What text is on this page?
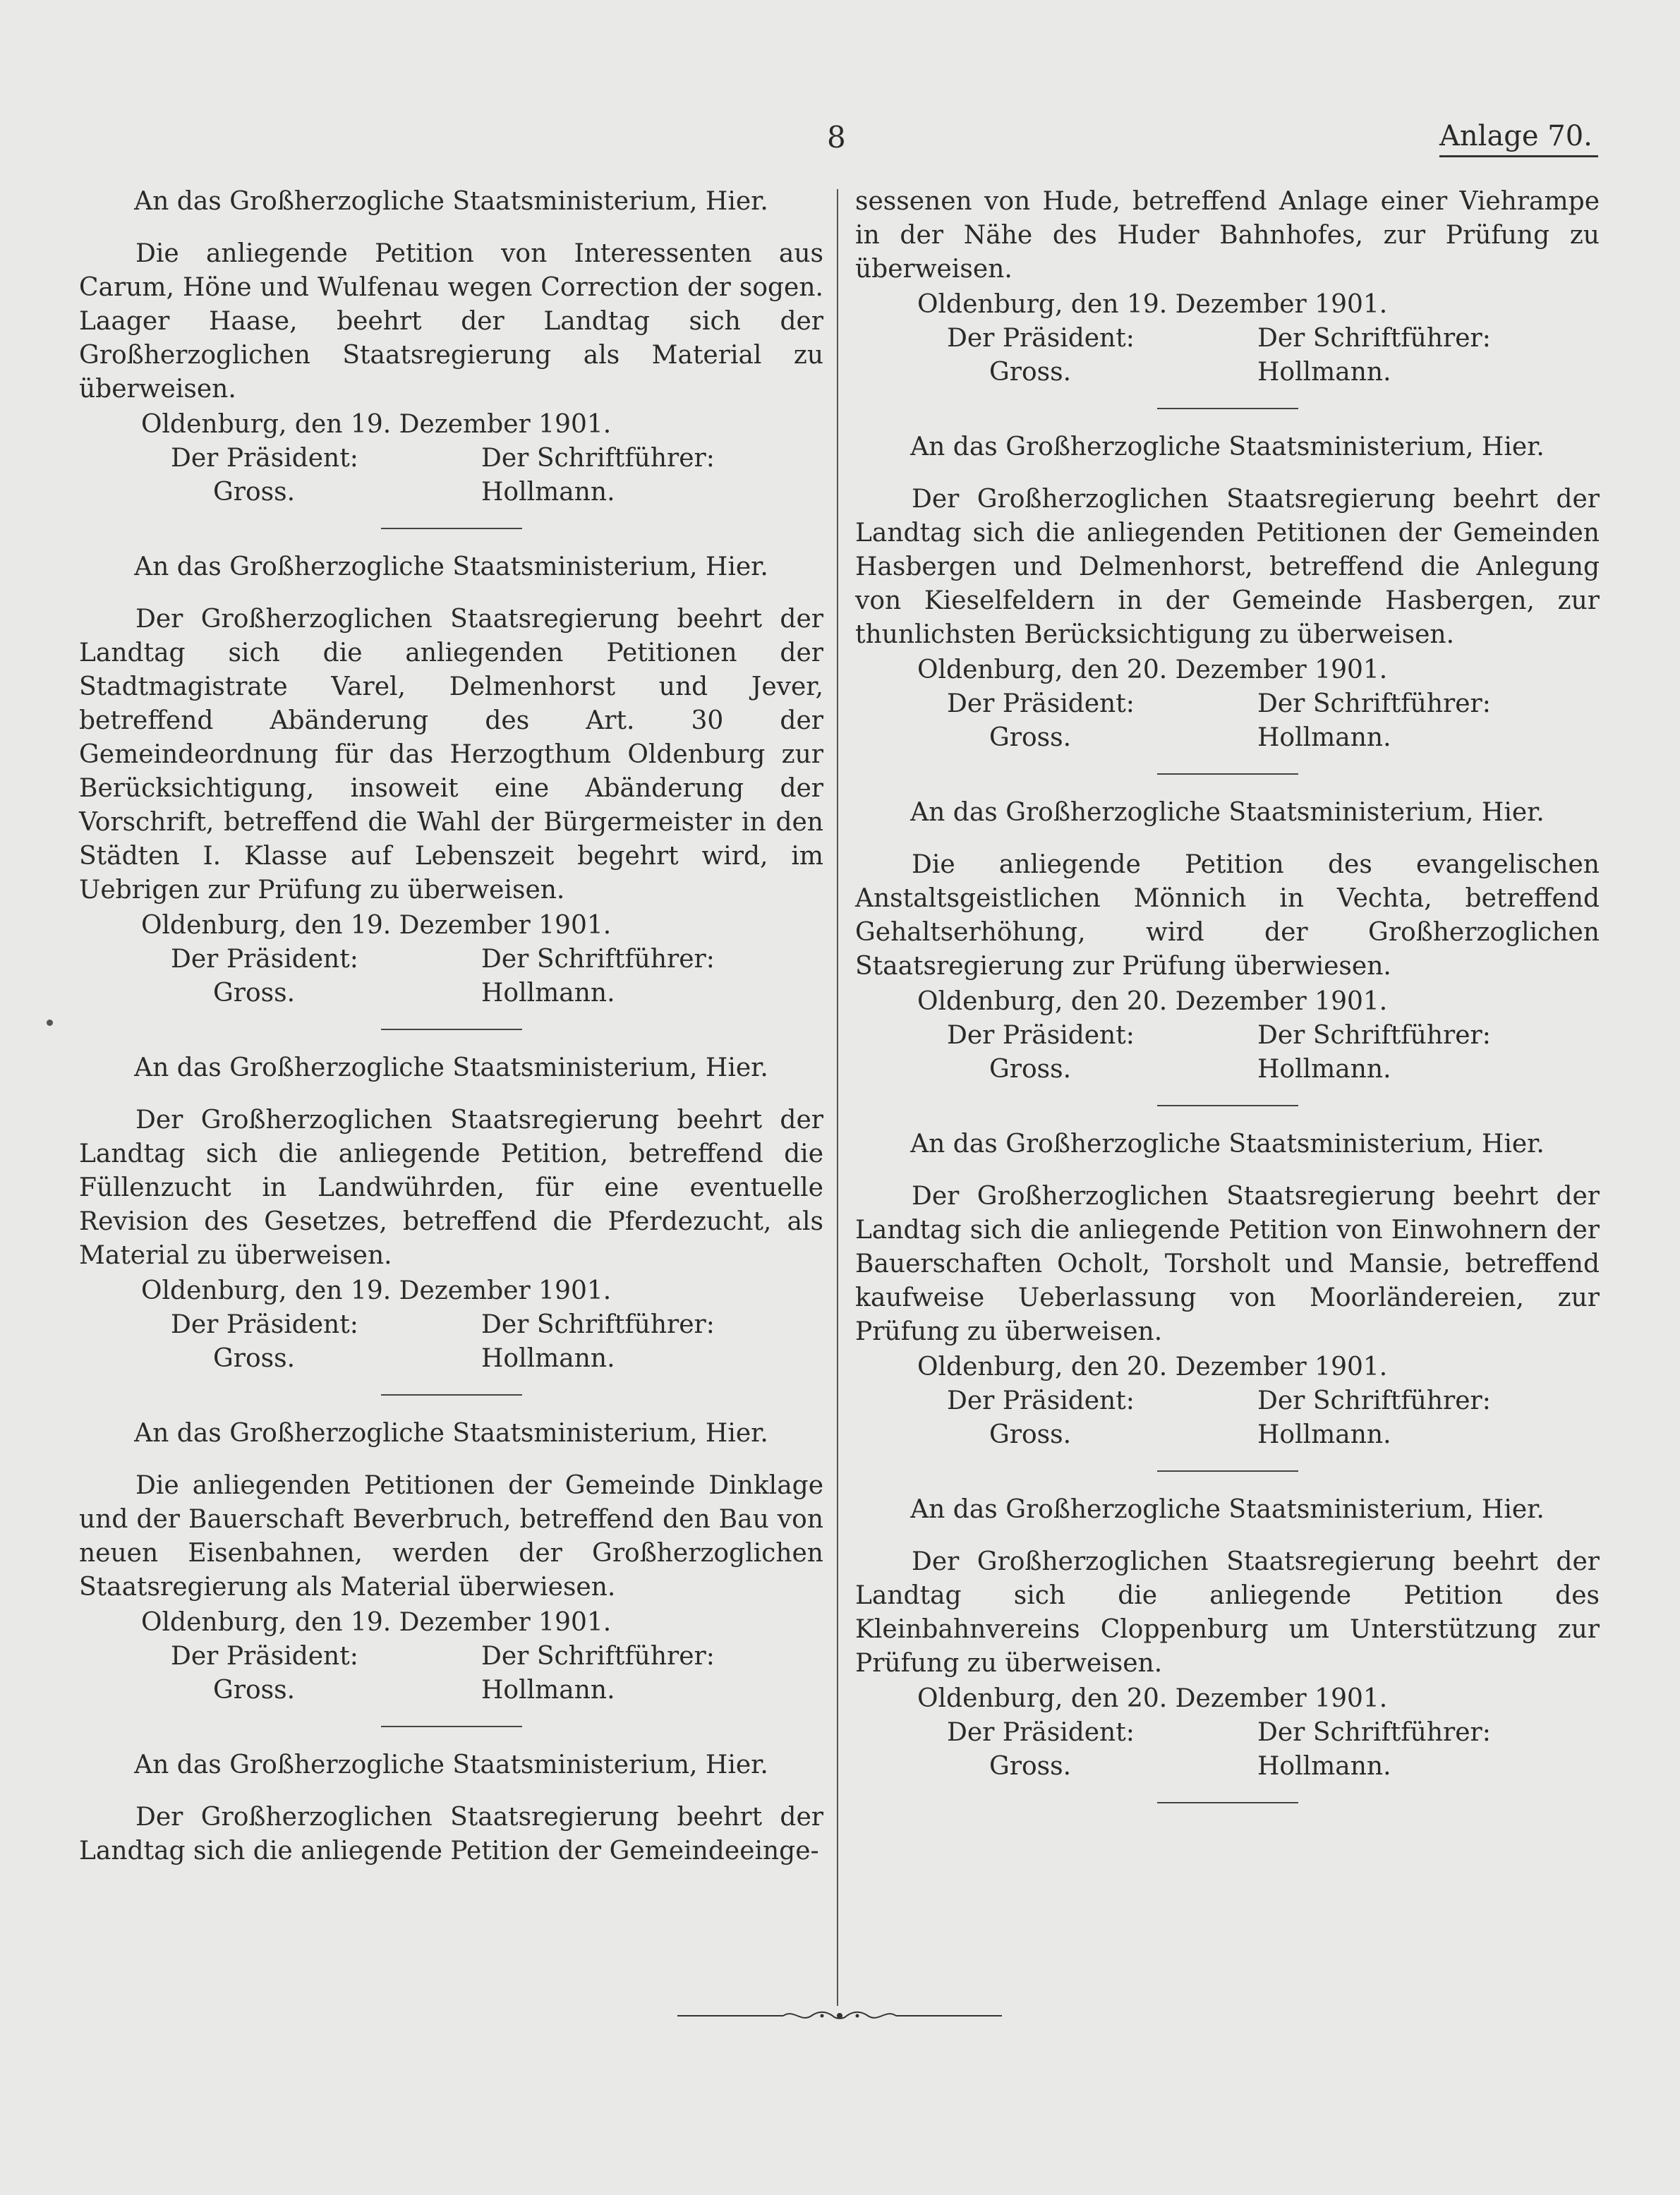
8	Anlage 70.

An das Großherzogliche Staatsministerium, Hier.

Die anliegende Petition von Interessenten aus Carum, Höne und Wulfenau wegen Correction der sogen. Laager Haase, beehrt der Landtag sich der Großherzoglichen Staatsregierung als Material zu überweisen.

Oldenburg, den 19. Dezember 1901.
Der Präsident:	Der Schriftführer:
Gross.	Hollmann.

An das Großherzogliche Staatsministerium, Hier.

Der Großherzoglichen Staatsregierung beehrt der Landtag sich die anliegenden Petitionen der Stadtmagistrate Varel, Delmenhorst und Jever, betreffend Abänderung des Art. 30 der Gemeindeordnung für das Herzogthum Oldenburg zur Berücksichtigung, insoweit eine Abänderung der Vorschrift, betreffend die Wahl der Bürgermeister in den Städten I. Klasse auf Lebenszeit begehrt wird, im Uebrigen zur Prüfung zu überweisen.

Oldenburg, den 19. Dezember 1901.
Der Präsident:	Der Schriftführer:
Gross.	Hollmann.

An das Großherzogliche Staatsministerium, Hier.

Der Großherzoglichen Staatsregierung beehrt der Landtag sich die anliegende Petition, betreffend die Füllenzucht in Landwührden, für eine eventuelle Revision des Gesetzes, betreffend die Pferdezucht, als Material zu überweisen.

Oldenburg, den 19. Dezember 1901.
Der Präsident:	Der Schriftführer:
Gross.	Hollmann.

An das Großherzogliche Staatsministerium, Hier.

Die anliegenden Petitionen der Gemeinde Dinklage und der Bauerschaft Beverbruch, betreffend den Bau von neuen Eisenbahnen, werden der Großherzoglichen Staatsregierung als Material überwiesen.

Oldenburg, den 19. Dezember 1901.
Der Präsident:	Der Schriftführer:
Gross.	Hollmann.

An das Großherzogliche Staatsministerium, Hier.

Der Großherzoglichen Staatsregierung beehrt der Landtag sich die anliegende Petition der Gemeindeeinge-

sessenen von Hude, betreffend Anlage einer Viehrampe in der Nähe des Huder Bahnhofes, zur Prüfung zu überweisen.

Oldenburg, den 19. Dezember 1901.
Der Präsident:	Der Schriftführer:
Gross.	Hollmann.

An das Großherzogliche Staatsministerium, Hier.

Der Großherzoglichen Staatsregierung beehrt der Landtag sich die anliegenden Petitionen der Gemeinden Hasbergen und Delmenhorst, betreffend die Anlegung von Kieselfeldern in der Gemeinde Hasbergen, zur thunlichsten Berücksichtigung zu überweisen.

Oldenburg, den 20. Dezember 1901.
Der Präsident:	Der Schriftführer:
Gross.	Hollmann.

An das Großherzogliche Staatsministerium, Hier.

Die anliegende Petition des evangelischen Anstaltsgeistlichen Mönnich in Vechta, betreffend Gehaltserhöhung, wird der Großherzoglichen Staatsregierung zur Prüfung überwiesen.

Oldenburg, den 20. Dezember 1901.
Der Präsident:	Der Schriftführer:
Gross.	Hollmann.

An das Großherzogliche Staatsministerium, Hier.

Der Großherzoglichen Staatsregierung beehrt der Landtag sich die anliegende Petition von Einwohnern der Bauerschaften Ocholt, Torsholt und Mansie, betreffend kaufweise Ueberlassung von Moorländereien, zur Prüfung zu überweisen.

Oldenburg, den 20. Dezember 1901.
Der Präsident:	Der Schriftführer:
Gross.	Hollmann.

An das Großherzogliche Staatsministerium, Hier.

Der Großherzoglichen Staatsregierung beehrt der Landtag sich die anliegende Petition des Kleinbahnvereins Cloppenburg um Unterstützung zur Prüfung zu überweisen.

Oldenburg, den 20. Dezember 1901.
Der Präsident:	Der Schriftführer:
Gross.	Hollmann.
